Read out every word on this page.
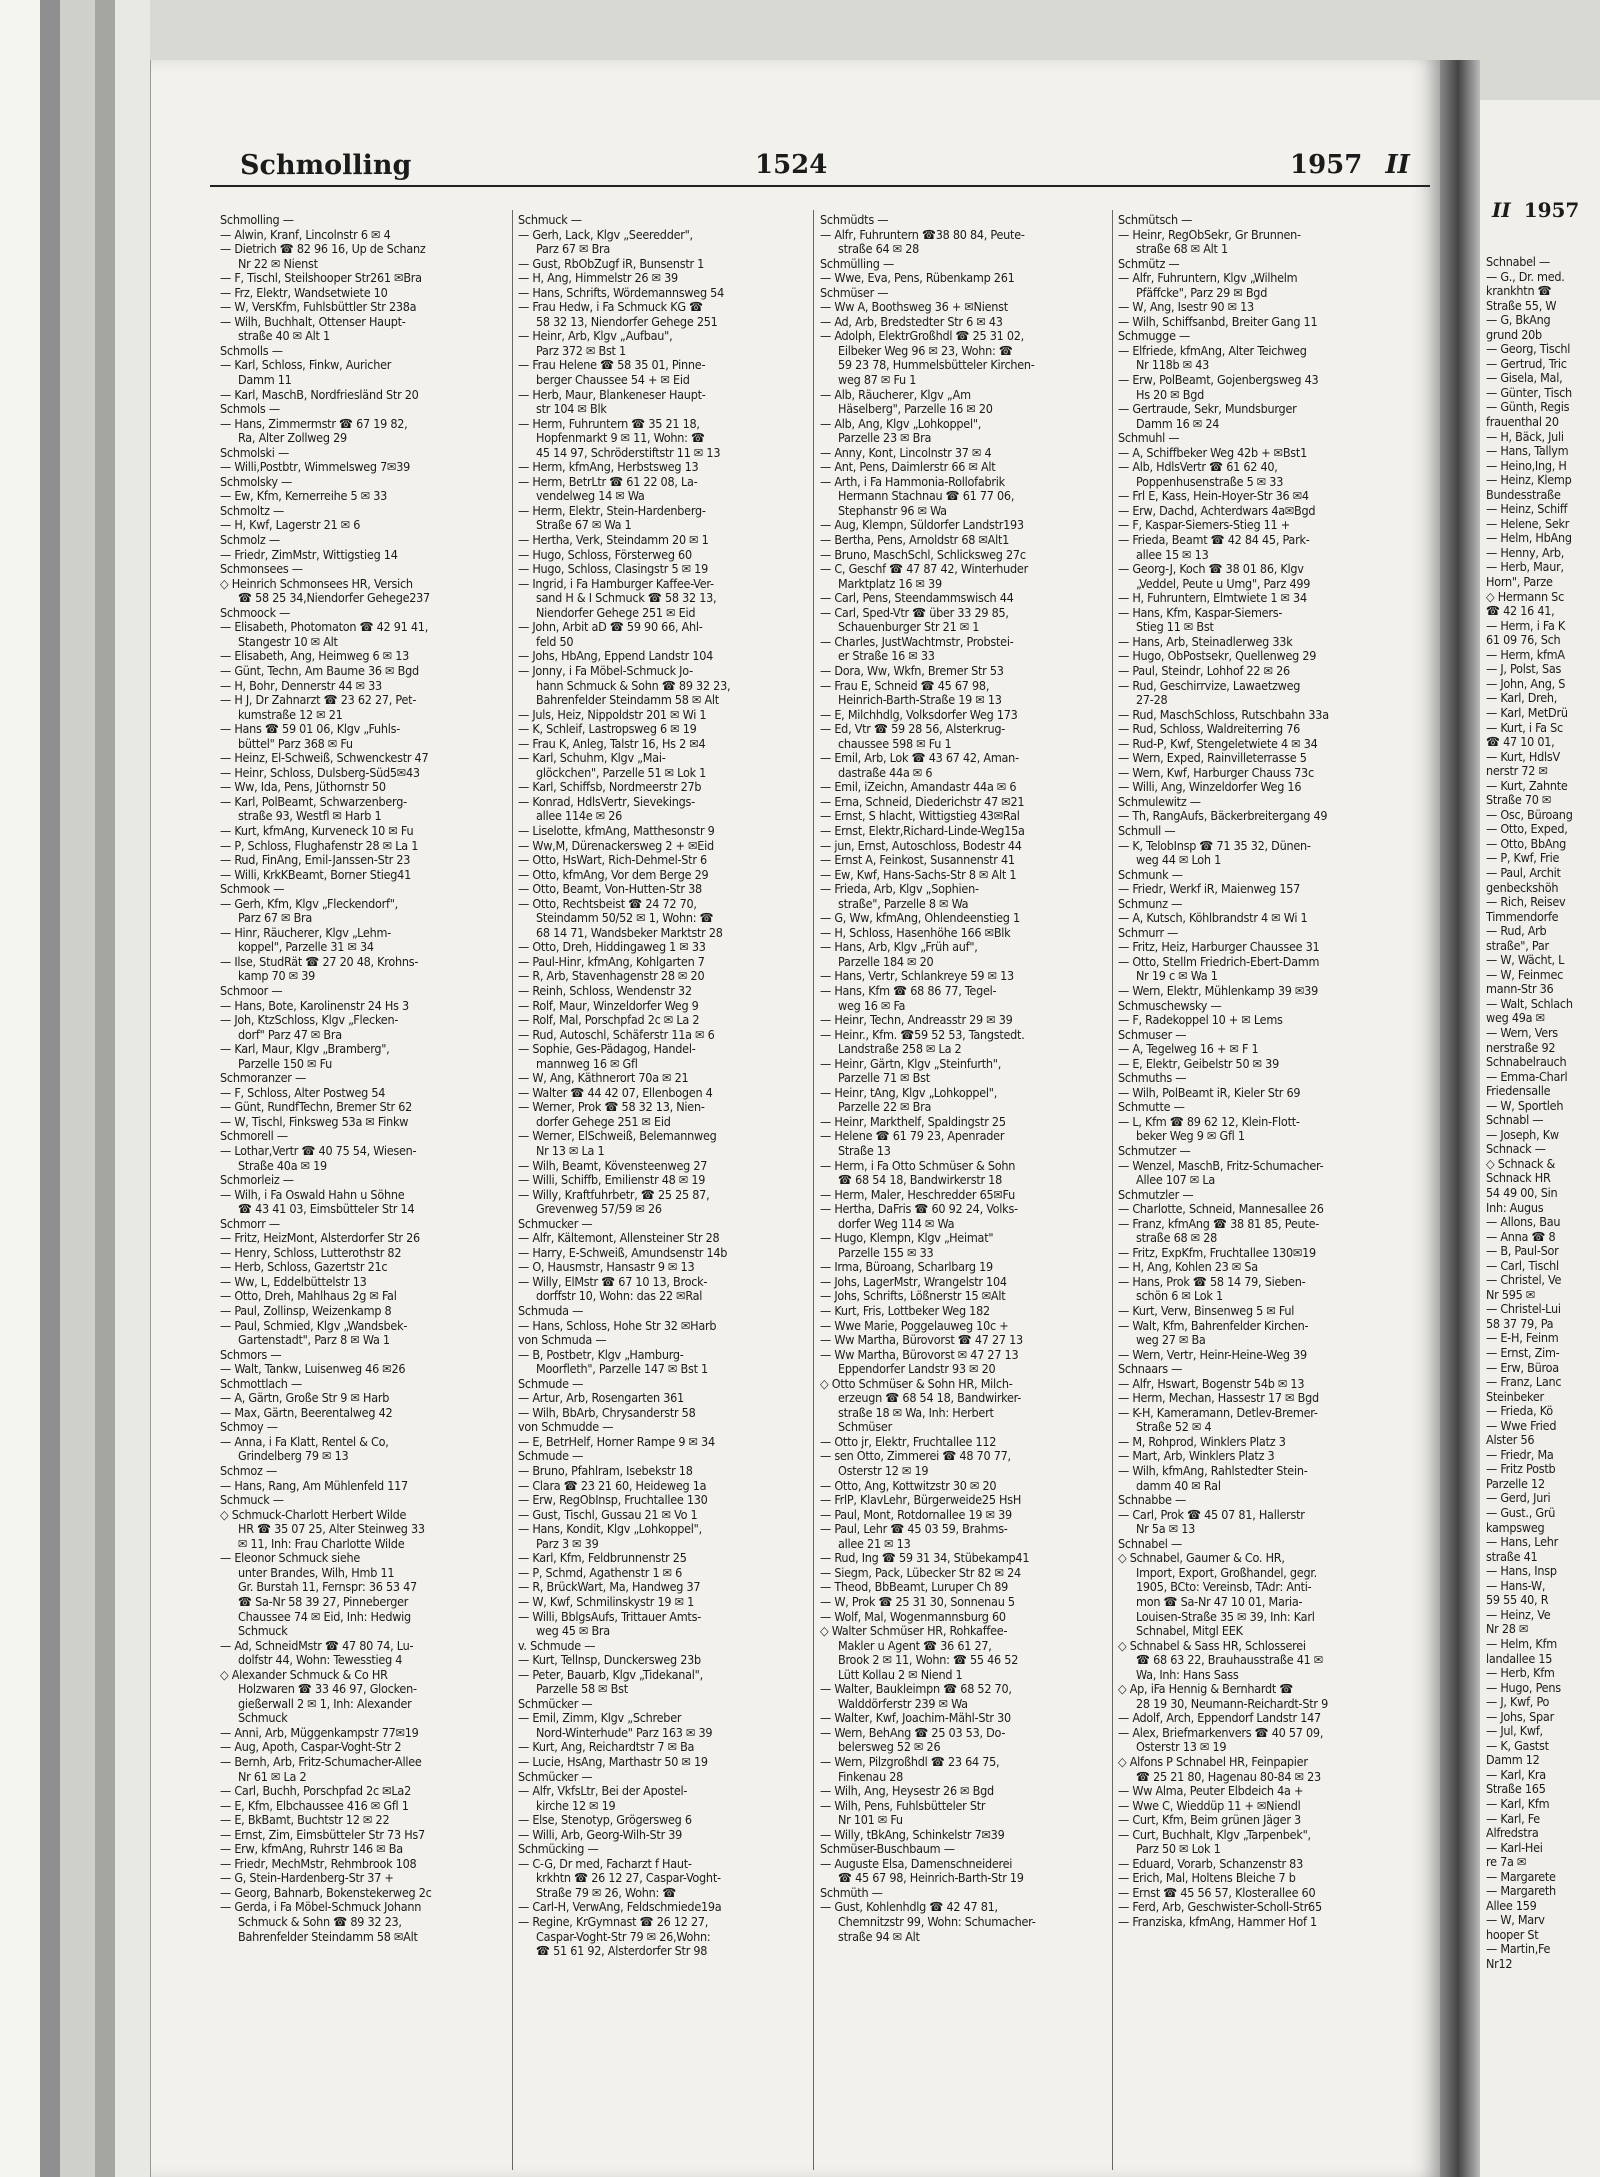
Schmolling	1524	1957 II
II 1957
Schmolling —
— Alwin, Kranf, Lincolnstr 6 ✉ 4
— Dietrich ☎ 82 96 16, Up de Schanz
Nr 22 ✉ Nienst
— F, Tischl, Steilshooper Str261 ✉Bra
— Frz, Elektr, Wandsetwiete 10
— W, VersKfm, Fuhlsbüttler Str 238a
— Wilh, Buchhalt, Ottenser Haupt-
straße 40 ✉ Alt 1
Schmolls —
— Karl, Schloss, Finkw, Auricher
Damm 11
— Karl, MaschB, Nordfriesländ Str 20
Schmols —
— Hans, Zimmermstr ☎ 67 19 82,
Ra, Alter Zollweg 29
Schmolski —
— Willi,Postbtr, Wimmelsweg 7✉39
Schmolsky —
— Ew, Kfm, Kernerreihe 5 ✉ 33
Schmoltz —
— H, Kwf, Lagerstr 21 ✉ 6
Schmolz —
— Friedr, ZimMstr, Wittigstieg 14
Schmonsees —
◇ Heinrich Schmonsees HR, Versich
☎ 58 25 34,Niendorfer Gehege237
Schmoock —
— Elisabeth, Photomaton ☎ 42 91 41,
Stangestr 10 ✉ Alt
— Elisabeth, Ang, Heimweg 6 ✉ 13
— Günt, Techn, Am Baume 36 ✉ Bgd
— H, Bohr, Dennerstr 44 ✉ 33
— H J, Dr Zahnarzt ☎ 23 62 27, Pet-
kumstraße 12 ✉ 21
— Hans ☎ 59 01 06, Klgv „Fuhls-
büttel" Parz 368 ✉ Fu
— Heinz, El-Schweiß, Schwenckestr 47
— Heinr, Schloss, Dulsberg-Süd5✉43
— Ww, Ida, Pens, Jüthornstr 50
— Karl, PolBeamt, Schwarzenberg-
straße 93, Westfl ✉ Harb 1
— Kurt, kfmAng, Kurveneck 10 ✉ Fu
— P, Schloss, Flughafenstr 28 ✉ La 1
— Rud, FinAng, Emil-Janssen-Str 23
— Willi, KrkKBeamt, Borner Stieg41
Schmook —
— Gerh, Kfm, Klgv „Fleckendorf",
Parz 67 ✉ Bra
— Hinr, Räucherer, Klgv „Lehm-
koppel", Parzelle 31 ✉ 34
— Ilse, StudRät ☎ 27 20 48, Krohns-
kamp 70 ✉ 39
Schmoor —
— Hans, Bote, Karolinenstr 24 Hs 3
— Joh, KtzSchloss, Klgv „Flecken-
dorf" Parz 47 ✉ Bra
— Karl, Maur, Klgv „Bramberg",
Parzelle 150 ✉ Fu
Schmoranzer —
— F, Schloss, Alter Postweg 54
— Günt, RundfTechn, Bremer Str 62
— W, Tischl, Finksweg 53a ✉ Finkw
Schmorell —
— Lothar,Vertr ☎ 40 75 54, Wiesen-
Straße 40a ✉ 19
Schmorleiz —
— Wilh, i Fa Oswald Hahn u Söhne
☎ 43 41 03, Eimsbütteler Str 14
Schmorr —
— Fritz, HeizMont, Alsterdorfer Str 26
— Henry, Schloss, Lutterothstr 82
— Herb, Schloss, Gazertstr 21c
— Ww, L, Eddelbüttelstr 13
— Otto, Dreh, Mahlhaus 2g ✉ Fal
— Paul, Zollinsp, Weizenkamp 8
— Paul, Schmied, Klgv „Wandsbek-
Gartenstadt", Parz 8 ✉ Wa 1
Schmors —
— Walt, Tankw, Luisenweg 46 ✉26
Schmottlach —
— A, Gärtn, Große Str 9 ✉ Harb
— Max, Gärtn, Beerentalweg 42
Schmoy —
— Anna, i Fa Klatt, Rentel & Co,
Grindelberg 79 ✉ 13
Schmoz —
— Hans, Rang, Am Mühlenfeld 117
Schmuck —
◇ Schmuck-Charlott Herbert Wilde
HR ☎ 35 07 25, Alter Steinweg 33
✉ 11, Inh: Frau Charlotte Wilde
— Eleonor Schmuck siehe
unter Brandes, Wilh, Hmb 11
Gr. Burstah 11, Fernspr: 36 53 47
☎ Sa-Nr 58 39 27, Pinneberger
Chaussee 74 ✉ Eid, Inh: Hedwig
Schmuck
— Ad, SchneidMstr ☎ 47 80 74, Lu-
dolfstr 44, Wohn: Tewesstieg 4
◇ Alexander Schmuck & Co HR
Holzwaren ☎ 33 46 97, Glocken-
gießerwall 2 ✉ 1, Inh: Alexander
Schmuck
— Anni, Arb, Müggenkampstr 77✉19
— Aug, Apoth, Caspar-Voght-Str 2
— Bernh, Arb, Fritz-Schumacher-Allee
Nr 61 ✉ La 2
— Carl, Buchh, Porschpfad 2c ✉La2
— E, Kfm, Elbchaussee 416 ✉ Gfl 1
— E, BkBamt, Buchtstr 12 ✉ 22
— Ernst, Zim, Eimsbütteler Str 73 Hs7
— Erw, kfmAng, Ruhrstr 146 ✉ Ba
— Friedr, MechMstr, Rehmbrook 108
— G, Stein-Hardenberg-Str 37 +
— Georg, Bahnarb, Bokenstekerweg 2c
— Gerda, i Fa Möbel-Schmuck Johann
Schmuck & Sohn ☎ 89 32 23,
Bahrenfelder Steindamm 58 ✉Alt
Schmuck —
— Gerh, Lack, Klgv „Seeredder",
Parz 67 ✉ Bra
— Gust, RbObZugf iR, Bunsenstr 1
— H, Ang, Himmelstr 26 ✉ 39
— Hans, Schrifts, Wördemannsweg 54
— Frau Hedw, i Fa Schmuck KG ☎
58 32 13, Niendorfer Gehege 251
— Heinr, Arb, Klgv „Aufbau",
Parz 372 ✉ Bst 1
— Frau Helene ☎ 58 35 01, Pinne-
berger Chaussee 54 + ✉ Eid
— Herb, Maur, Blankeneser Haupt-
str 104 ✉ Blk
— Herm, Fuhruntern ☎ 35 21 18,
Hopfenmarkt 9 ✉ 11, Wohn: ☎
45 14 97, Schröderstiftstr 11 ✉ 13
— Herm, kfmAng, Herbstsweg 13
— Herm, BetrLtr ☎ 61 22 08, La-
vendelweg 14 ✉ Wa
— Herm, Elektr, Stein-Hardenberg-
Straße 67 ✉ Wa 1
— Hertha, Verk, Steindamm 20 ✉ 1
— Hugo, Schloss, Försterweg 60
— Hugo, Schloss, Clasingstr 5 ✉ 19
— Ingrid, i Fa Hamburger Kaffee-Ver-
sand H & I Schmuck ☎ 58 32 13,
Niendorfer Gehege 251 ✉ Eid
— John, Arbit aD ☎ 59 90 66, Ahl-
feld 50
— Johs, HbAng, Eppend Landstr 104
— Jonny, i Fa Möbel-Schmuck Jo-
hann Schmuck & Sohn ☎ 89 32 23,
Bahrenfelder Steindamm 58 ✉ Alt
— Juls, Heiz, Nippoldstr 201 ✉ Wi 1
— K, Schleif, Lastropsweg 6 ✉ 19
— Frau K, Anleg, Talstr 16, Hs 2 ✉4
— Karl, Schuhm, Klgv „Mai-
glöckchen", Parzelle 51 ✉ Lok 1
— Karl, Schiffsb, Nordmeerstr 27b
— Konrad, HdlsVertr, Sievekings-
allee 114e ✉ 26
— Liselotte, kfmAng, Matthesonstr 9
— Ww,M, Dürenackersweg 2 + ✉Eid
— Otto, HsWart, Rich-Dehmel-Str 6
— Otto, kfmAng, Vor dem Berge 29
— Otto, Beamt, Von-Hutten-Str 38
— Otto, Rechtsbeist ☎ 24 72 70,
Steindamm 50/52 ✉ 1, Wohn: ☎
68 14 71, Wandsbeker Marktstr 28
— Otto, Dreh, Hiddingaweg 1 ✉ 33
— Paul-Hinr, kfmAng, Kohlgarten 7
— R, Arb, Stavenhagenstr 28 ✉ 20
— Reinh, Schloss, Wendenstr 32
— Rolf, Maur, Winzeldorfer Weg 9
— Rolf, Mal, Porschpfad 2c ✉ La 2
— Rud, Autoschl, Schäferstr 11a ✉ 6
— Sophie, Ges-Pädagog, Handel-
mannweg 16 ✉ Gfl
— W, Ang, Käthnerort 70a ✉ 21
— Walter ☎ 44 42 07, Ellenbogen 4
— Werner, Prok ☎ 58 32 13, Nien-
dorfer Gehege 251 ✉ Eid
— Werner, ElSchweiß, Belemannweg
Nr 13 ✉ La 1
— Wilh, Beamt, Kövensteenweg 27
— Willi, Schiffb, Emilienstr 48 ✉ 19
— Willy, Kraftfuhrbetr, ☎ 25 25 87,
Grevenweg 57/59 ✉ 26
Schmucker —
— Alfr, Kältemont, Allensteiner Str 28
— Harry, E-Schweiß, Amundsenstr 14b
— O, Hausmstr, Hansastr 9 ✉ 13
— Willy, ElMstr ☎ 67 10 13, Brock-
dorffstr 10, Wohn: das 22 ✉Ral
Schmuda —
— Hans, Schloss, Hohe Str 32 ✉Harb
von Schmuda —
— B, Postbetr, Klgv „Hamburg-
Moorfleth", Parzelle 147 ✉ Bst 1
Schmude —
— Artur, Arb, Rosengarten 361
— Wilh, BbArb, Chrysanderstr 58
von Schmudde —
— E, BetrHelf, Horner Rampe 9 ✉ 34
Schmude —
— Bruno, Pfahlram, Isebekstr 18
— Clara ☎ 23 21 60, Heideweg 1a
— Erw, RegObInsp, Fruchtallee 130
— Gust, Tischl, Gussau 21 ✉ Vo 1
— Hans, Kondit, Klgv „Lohkoppel",
Parz 3 ✉ 39
— Karl, Kfm, Feldbrunnenstr 25
— P, Schmd, Agathenstr 1 ✉ 6
— R, BrückWart, Ma, Handweg 37
— W, Kwf, Schmilinskystr 19 ✉ 1
— Willi, BblgsAufs, Trittauer Amts-
weg 45 ✉ Bra
v. Schmude —
— Kurt, Tellnsp, Dunckersweg 23b
— Peter, Bauarb, Klgv „Tidekanal",
Parzelle 58 ✉ Bst
Schmücker —
— Emil, Zimm, Klgv „Schreber
Nord-Winterhude" Parz 163 ✉ 39
— Kurt, Ang, Reichardtstr 7 ✉ Ba
— Lucie, HsAng, Marthastr 50 ✉ 19
Schmücker —
— Alfr, VkfsLtr, Bei der Apostel-
kirche 12 ✉ 19
— Else, Stenotyp, Grögersweg 6
— Willi, Arb, Georg-Wilh-Str 39
Schmücking —
— C-G, Dr med, Facharzt f Haut-
krkhtn ☎ 26 12 27, Caspar-Voght-
Straße 79 ✉ 26, Wohn: ☎
— Carl-H, VerwAng, Feldschmiede19a
— Regine, KrGymnast ☎ 26 12 27,
Caspar-Voght-Str 79 ✉ 26,Wohn:
☎ 51 61 92, Alsterdorfer Str 98
Schmüdts —
— Alfr, Fuhruntern ☎38 80 84, Peute-
straße 64 ✉ 28
Schmülling —
— Wwe, Eva, Pens, Rübenkamp 261
Schmüser —
— Ww A, Boothsweg 36 + ✉Nienst
— Ad, Arb, Bredstedter Str 6 ✉ 43
— Adolph, ElektrGroßhdl ☎ 25 31 02,
Eilbeker Weg 96 ✉ 23, Wohn: ☎
59 23 78, Hummelsbütteler Kirchen-
weg 87 ✉ Fu 1
— Alb, Räucherer, Klgv „Am
Häselberg", Parzelle 16 ✉ 20
— Alb, Ang, Klgv „Lohkoppel",
Parzelle 23 ✉ Bra
— Anny, Kont, Lincolnstr 37 ✉ 4
— Ant, Pens, Daimlerstr 66 ✉ Alt
— Arth, i Fa Hammonia-Rollofabrik
Hermann Stachnau ☎ 61 77 06,
Stephanstr 96 ✉ Wa
— Aug, Klempn, Süldorfer Landstr193
— Bertha, Pens, Arnoldstr 68 ✉Alt1
— Bruno, MaschSchl, Schlicksweg 27c
— C, Geschf ☎ 47 87 42, Winterhuder
Marktplatz 16 ✉ 39
— Carl, Pens, Steendammswisch 44
— Carl, Sped-Vtr ☎ über 33 29 85,
Schauenburger Str 21 ✉ 1
— Charles, JustWachtmstr, Probstei-
er Straße 16 ✉ 33
— Dora, Ww, Wkfn, Bremer Str 53
— Frau E, Schneid ☎ 45 67 98,
Heinrich-Barth-Straße 19 ✉ 13
— E, Milchhdlg, Volksdorfer Weg 173
— Ed, Vtr ☎ 59 28 56, Alsterkrug-
chaussee 598 ✉ Fu 1
— Emil, Arb, Lok ☎ 43 67 42, Aman-
dastraße 44a ✉ 6
— Emil, iZeichn, Amandastr 44a ✉ 6
— Erna, Schneid, Diederichstr 47 ✉21
— Ernst, S hlacht, Wittigstieg 43✉Ral
— Ernst, Elektr,Richard-Linde-Weg15a
— jun, Ernst, Autoschloss, Bodestr 44
— Ernst A, Feinkost, Susannenstr 41
— Ew, Kwf, Hans-Sachs-Str 8 ✉ Alt 1
— Frieda, Arb, Klgv „Sophien-
straße", Parzelle 8 ✉ Wa
— G, Ww, kfmAng, Ohlendeenstieg 1
— H, Schloss, Hasenhöhe 166 ✉Blk
— Hans, Arb, Klgv „Früh auf",
Parzelle 184 ✉ 20
— Hans, Vertr, Schlankreye 59 ✉ 13
— Hans, Kfm ☎ 68 86 77, Tegel-
weg 16 ✉ Fa
— Heinr, Techn, Andreasstr 29 ✉ 39
— Heinr., Kfm. ☎59 52 53, Tangstedt.
Landstraße 258 ✉ La 2
— Heinr, Gärtn, Klgv „Steinfurth",
Parzelle 71 ✉ Bst
— Heinr, tAng, Klgv „Lohkoppel",
Parzelle 22 ✉ Bra
— Heinr, Markthelf, Spaldingstr 25
— Helene ☎ 61 79 23, Apenrader
Straße 13
— Herm, i Fa Otto Schmüser & Sohn
☎ 68 54 18, Bandwirkerstr 18
— Herm, Maler, Heschredder 65✉Fu
— Hertha, DaFris ☎ 60 92 24, Volks-
dorfer Weg 114 ✉ Wa
— Hugo, Klempn, Klgv „Heimat"
Parzelle 155 ✉ 33
— Irma, Büroang, Scharlbarg 19
— Johs, LagerMstr, Wrangelstr 104
— Johs, Schrifts, Lößnerstr 15 ✉Alt
— Kurt, Fris, Lottbeker Weg 182
— Wwe Marie, Poggelauweg 10c +
— Ww Martha, Bürovorst ☎ 47 27 13
— Ww Martha, Bürovorst ✉ 47 27 13
Eppendorfer Landstr 93 ✉ 20
◇ Otto Schmüser & Sohn HR, Milch-
erzeugn ☎ 68 54 18, Bandwirker-
straße 18 ✉ Wa, Inh: Herbert
Schmüser
— Otto jr, Elektr, Fruchtallee 112
— sen Otto, Zimmerei ☎ 48 70 77,
Osterstr 12 ✉ 19
— Otto, Ang, Kottwitzstr 30 ✉ 20
— FrlP, KlavLehr, Bürgerweide25 HsH
— Paul, Mont, Rotdornallee 19 ✉ 39
— Paul, Lehr ☎ 45 03 59, Brahms-
allee 21 ✉ 13
— Rud, Ing ☎ 59 31 34, Stübekamp41
— Siegm, Pack, Lübecker Str 82 ✉ 24
— Theod, BbBeamt, Luruper Ch 89
— W, Prok ☎ 25 31 30, Sonnenau 5
— Wolf, Mal, Wogenmannsburg 60
◇ Walter Schmüser HR, Rohkaffee-
Makler u Agent ☎ 36 61 27,
Brook 2 ✉ 11, Wohn: ☎ 55 46 52
Lütt Kollau 2 ✉ Niend 1
— Walter, Baukleimpn ☎ 68 52 70,
Walddörferstr 239 ✉ Wa
— Walter, Kwf, Joachim-Mähl-Str 30
— Wern, BehAng ☎ 25 03 53, Do-
belersweg 52 ✉ 26
— Wern, Pilzgroßhdl ☎ 23 64 75,
Finkenau 28
— Wilh, Ang, Heysestr 26 ✉ Bgd
— Wilh, Pens, Fuhlsbütteler Str
Nr 101 ✉ Fu
— Willy, tBkAng, Schinkelstr 7✉39
Schmüser-Buschbaum —
— Auguste Elsa, Damenschneiderei
☎ 45 67 98, Heinrich-Barth-Str 19
Schmüth —
— Gust, Kohlenhdlg ☎ 42 47 81,
Chemnitzstr 99, Wohn: Schumacher-
straße 94 ✉ Alt
Schmütsch —
— Heinr, RegObSekr, Gr Brunnen-
straße 68 ✉ Alt 1
Schmütz —
— Alfr, Fuhruntern, Klgv „Wilhelm
Pfäffcke", Parz 29 ✉ Bgd
— W, Ang, Isestr 90 ✉ 13
— Wilh, Schiffsanbd, Breiter Gang 11
Schmugge —
— Elfriede, kfmAng, Alter Teichweg
Nr 118b ✉ 43
— Erw, PolBeamt, Gojenbergsweg 43
Hs 20 ✉ Bgd
— Gertraude, Sekr, Mundsburger
Damm 16 ✉ 24
Schmuhl —
— A, Schiffbeker Weg 42b + ✉Bst1
— Alb, HdlsVertr ☎ 61 62 40,
Poppenhusenstraße 5 ✉ 33
— Frl E, Kass, Hein-Hoyer-Str 36 ✉4
— Erw, Dachd, Achterdwars 4a✉Bgd
— F, Kaspar-Siemers-Stieg 11 +
— Frieda, Beamt ☎ 42 84 45, Park-
allee 15 ✉ 13
— Georg-J, Koch ☎ 38 01 86, Klgv
„Veddel, Peute u Umg", Parz 499
— H, Fuhruntern, Elmtwiete 1 ✉ 34
— Hans, Kfm, Kaspar-Siemers-
Stieg 11 ✉ Bst
— Hans, Arb, Steinadlerweg 33k
— Hugo, ObPostsekr, Quellenweg 29
— Paul, Steindr, Lohhof 22 ✉ 26
— Rud, Geschirrvize, Lawaetzweg
27-28
— Rud, MaschSchloss, Rutschbahn 33a
— Rud, Schloss, Waldreiterring 76
— Rud-P, Kwf, Stengeletwiete 4 ✉ 34
— Wern, Exped, Rainvilleterrasse 5
— Wern, Kwf, Harburger Chauss 73c
— Willi, Ang, Winzeldorfer Weg 16
Schmulewitz —
— Th, RangAufs, Bäckerbreitergang 49
Schmull —
— K, TelobInsp ☎ 71 35 32, Dünen-
weg 44 ✉ Loh 1
Schmunk —
— Friedr, Werkf iR, Maienweg 157
Schmunz —
— A, Kutsch, Köhlbrandstr 4 ✉ Wi 1
Schmurr —
— Fritz, Heiz, Harburger Chaussee 31
— Otto, Stellm Friedrich-Ebert-Damm
Nr 19 c ✉ Wa 1
— Wern, Elektr, Mühlenkamp 39 ✉39
Schmuschewsky —
— F, Radekoppel 10 + ✉ Lems
Schmuser —
— A, Tegelweg 16 + ✉ F 1
— E, Elektr, Geibelstr 50 ✉ 39
Schmuths —
— Wilh, PolBeamt iR, Kieler Str 69
Schmutte —
— L, Kfm ☎ 89 62 12, Klein-Flott-
beker Weg 9 ✉ Gfl 1
Schmutzer —
— Wenzel, MaschB, Fritz-Schumacher-
Allee 107 ✉ La
Schmutzler —
— Charlotte, Schneid, Mannesallee 26
— Franz, kfmAng ☎ 38 81 85, Peute-
straße 68 ✉ 28
— Fritz, ExpKfm, Fruchtallee 130✉19
— H, Ang, Kohlen 23 ✉ Sa
— Hans, Prok ☎ 58 14 79, Sieben-
schön 6 ✉ Lok 1
— Kurt, Verw, Binsenweg 5 ✉ Ful
— Walt, Kfm, Bahrenfelder Kirchen-
weg 27 ✉ Ba
— Wern, Vertr, Heinr-Heine-Weg 39
Schnaars —
— Alfr, Hswart, Bogenstr 54b ✉ 13
— Herm, Mechan, Hassestr 17 ✉ Bgd
— K-H, Kameramann, Detlev-Bremer-
Straße 52 ✉ 4
— M, Rohprod, Winklers Platz 3
— Mart, Arb, Winklers Platz 3
— Wilh, kfmAng, Rahlstedter Stein-
damm 40 ✉ Ral
Schnabbe —
— Carl, Prok ☎ 45 07 81, Hallerstr
Nr 5a ✉ 13
Schnabel —
◇ Schnabel, Gaumer & Co. HR,
Import, Export, Großhandel, gegr.
1905, BCto: Vereinsb, TAdr: Anti-
mon ☎ Sa-Nr 47 10 01, Maria-
Louisen-Straße 35 ✉ 39, Inh: Karl
Schnabel, Mitgl EEK
◇ Schnabel & Sass HR, Schlosserei
☎ 68 63 22, Brauhausstraße 41 ✉
Wa, Inh: Hans Sass
◇ Ap, iFa Hennig & Bernhardt ☎
28 19 30, Neumann-Reichardt-Str 9
— Adolf, Arch, Eppendorf Landstr 147
— Alex, Briefmarkenvers ☎ 40 57 09,
Osterstr 13 ✉ 19
◇ Alfons P Schnabel HR, Feinpapier
☎ 25 21 80, Hagenau 80-84 ✉ 23
— Ww Alma, Peuter Elbdeich 4a +
— Wwe C, Wieddüp 11 + ✉Niendl
— Curt, Kfm, Beim grünen Jäger 3
— Curt, Buchhalt, Klgv „Tarpenbek",
Parz 50 ✉ Lok 1
— Eduard, Vorarb, Schanzenstr 83
— Erich, Mal, Holtens Bleiche 7 b
— Ernst ☎ 45 56 57, Klosterallee 60
— Ferd, Arb, Geschwister-Scholl-Str65
— Franziska, kfmAng, Hammer Hof 1
Schnabel —
— G., Dr. med.
krankhtn ☎
Straße 55, W
— G, BkAng
grund 20b
— Georg, Tischl
— Gertrud, Tric
— Gisela, Mal,
— Günter, Tisch
— Günth, Regis
frauenthal 20
— H, Bäck, Juli
— Hans, Tallym
— Heino,Ing, H
— Heinz, Klemp
Bundesstraße
— Heinz, Schiff
— Helene, Sekr
— Helm, HbAng
— Henny, Arb,
— Herb, Maur,
Horn", Parze
◇ Hermann Sc
☎ 42 16 41,
— Herm, i Fa K
61 09 76, Sch
— Herm, kfmA
— J, Polst, Sas
— John, Ang, S
— Karl, Dreh,
— Karl, MetDrü
— Kurt, i Fa Sc
☎ 47 10 01,
— Kurt, HdlsV
nerstr 72 ✉
— Kurt, Zahnte
Straße 70 ✉
— Osc, Büroang
— Otto, Exped,
— Otto, BbAng
— P, Kwf, Frie
— Paul, Archit
genbeckshöh
— Rich, Reisev
Timmendorfe
— Rud, Arb
straße", Par
— W, Wächt, L
— W, Feinmec
mann-Str 36
— Walt, Schlach
weg 49a ✉
— Wern, Vers
nerstraße 92
Schnabelrauch
— Emma-Charl
Friedensalle
— W, Sportleh
Schnabl —
— Joseph, Kw
Schnack —
◇ Schnack &
Schnack HR
54 49 00, Sin
Inh: Augus
— Allons, Bau
— Anna ☎ 8
— B, Paul-Sor
— Carl, Tischl
— Christel, Ve
Nr 595 ✉
— Christel-Lui
58 37 79, Pa
— E-H, Feinm
— Ernst, Zim-
— Erw, Büroa
— Franz, Lanc
Steinbeker
— Frieda, Kö
— Wwe Fried
Alster 56
— Friedr, Ma
— Fritz Postb
Parzelle 12
— Gerd, Juri
— Gust., Grü
kampsweg
— Hans, Lehr
straße 41
— Hans, Insp
— Hans-W,
59 55 40, R
— Heinz, Ve
Nr 28 ✉
— Helm, Kfm
landallee 15
— Herb, Kfm
— Hugo, Pens
— J, Kwf, Po
— Johs, Spar
— Jul, Kwf,
— K, Gastst
Damm 12
— Karl, Kra
Straße 165
— Karl, Kfm
— Karl, Fe
Alfredstra
— Karl-Hei
re 7a ✉
— Margarete
— Margareth
Allee 159
— W, Marv
hooper St
— Martin,Fe
Nr12
